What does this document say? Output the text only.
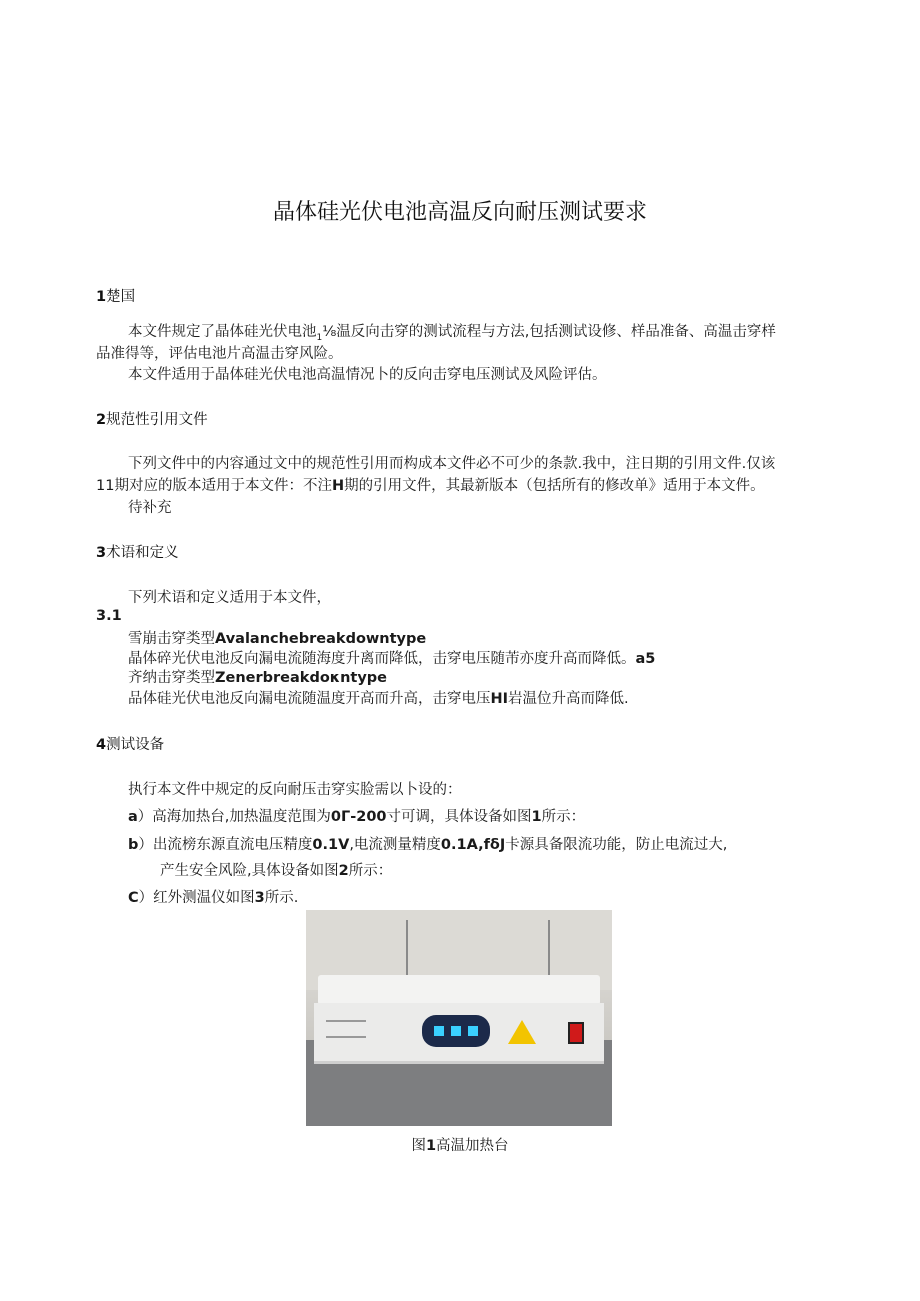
晶体硅光伏电池高温反向耐压测试要求
1楚国
本文件规定了晶体硅光伏电池$_1$⅛温反向击穿的测试流程与方法,包括测试设修、样品准备、高温击穿样
品准得等，评估电池片高温击穿风险。
本文件适用于晶体硅光伏电池高温情况卜的反向击穿电压测试及风险评估。
2规范性引用文件
下列文件中的内容通过文中的规范性引用而构成本文件必不可少的条款.我中，注日期的引用文件.仅该
11期对应的版本适用于本文件：不注H期的引用文件，其最新版本（包括所有的修改单》适用于本文件。
待补充
3术语和定义
下列术语和定义适用于本文件，
3.1
雪崩击穿类型Avalanchebreakdowntype
晶体碎光伏电池反向漏电流随海度升离而降低，击穿电压随芾亦度升高而降低。a5
齐纳击穿类型Zenerbreakdoκntype
品体硅光伏电池反向漏电流随温度开高而升高，击穿电压HI岩温位升高而降低.
4测试设备
执行本文件中规定的反向耐压击穿实脸需以卜设的：
a）高海加热台,加热温度范围为0Г-200寸可调，具体设备如图1所示：
b）出流榜东源直流电压精度0.1V,电流测量精度0.1A,fδJ卡源具备限流功能，防止电流过大,
产生安全风险,具体设备如图2所示：
C）红外测温仪如图3所示.
图1高温加热台
